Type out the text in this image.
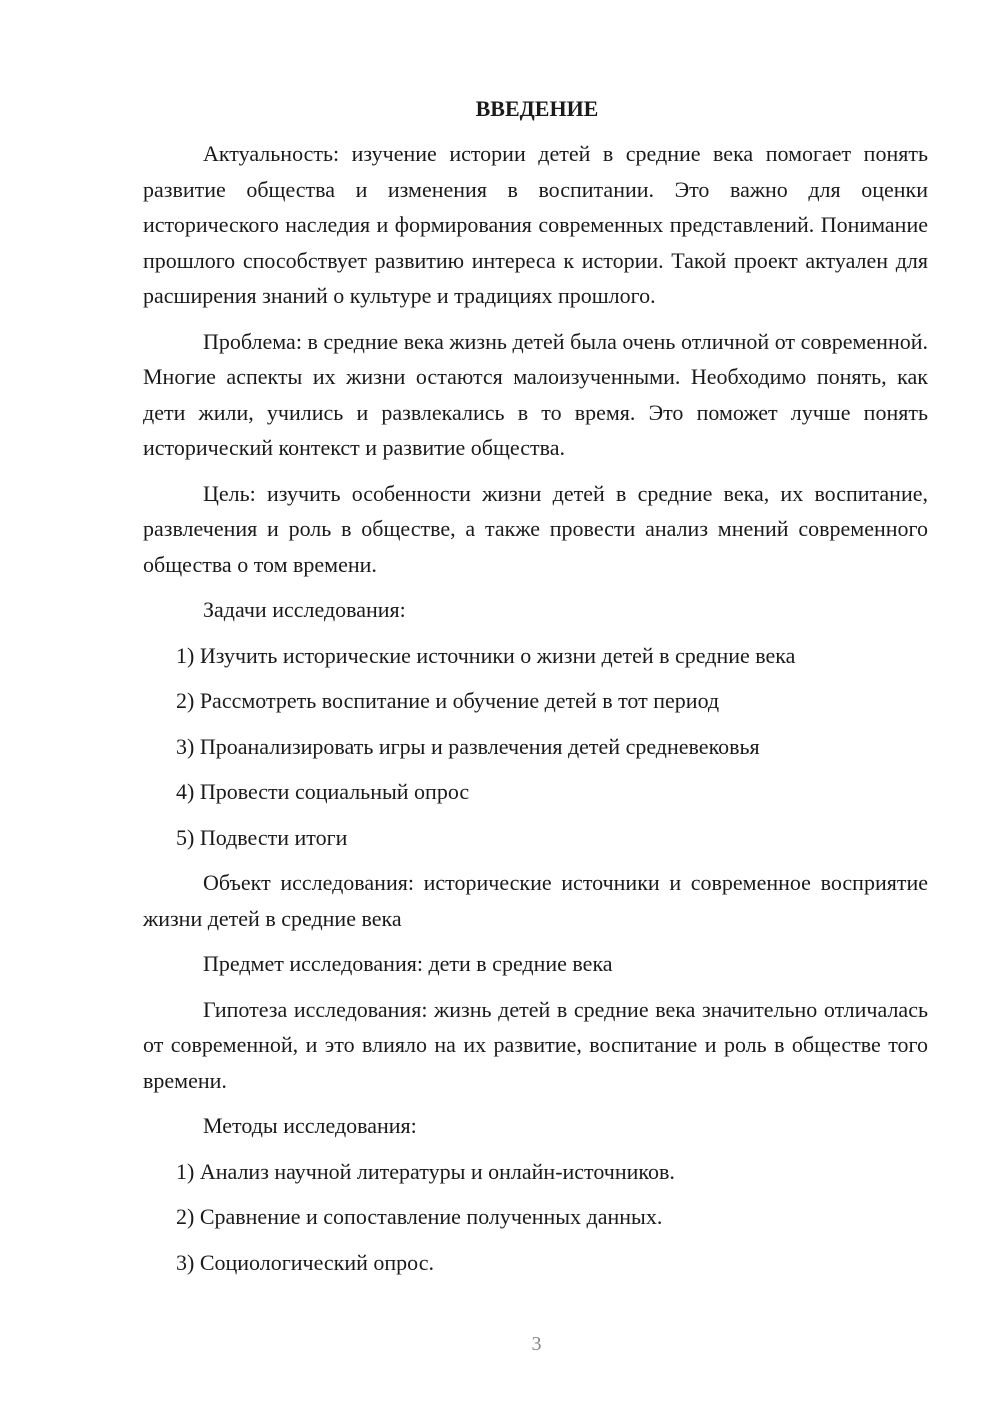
ВВЕДЕНИЕ

Актуальность: изучение истории детей в средние века помогает понять развитие общества и изменения в воспитании. Это важно для оценки исторического наследия и формирования современных представлений. Понимание прошлого способствует развитию интереса к истории. Такой проект актуален для расширения знаний о культуре и традициях прошлого.

Проблема: в средние века жизнь детей была очень отличной от современной. Многие аспекты их жизни остаются малоизученными. Необходимо понять, как дети жили, учились и развлекались в то время. Это поможет лучше понять исторический контекст и развитие общества.

Цель: изучить особенности жизни детей в средние века, их воспитание, развлечения и роль в обществе, а также провести анализ мнений современного общества о том времени.

Задачи исследования:

1) Изучить исторические источники о жизни детей в средние века
2) Рассмотреть воспитание и обучение детей в тот период
3) Проанализировать игры и развлечения детей средневековья
4) Провести социальный опрос
5) Подвести итоги

Объект исследования: исторические источники и современное восприятие жизни детей в средние века

Предмет исследования: дети в средние века

Гипотеза исследования: жизнь детей в средние века значительно отличалась от современной, и это влияло на их развитие, воспитание и роль в обществе того времени.

Методы исследования:

1) Анализ научной литературы и онлайн-источников.
2) Сравнение и сопоставление полученных данных.
3) Социологический опрос.
3
